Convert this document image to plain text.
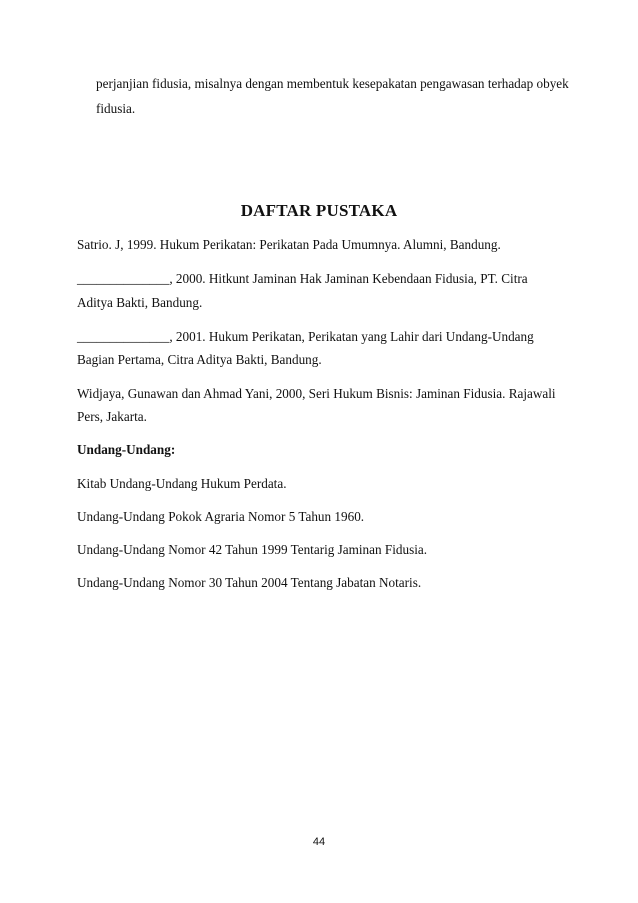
perjanjian fidusia, misalnya dengan membentuk kesepakatan pengawasan terhadap obyek
fidusia.
DAFTAR PUSTAKA
Satrio. J, 1999. Hukum Perikatan: Perikatan Pada Umumnya. Alumni, Bandung.
______________, 2000. Hitkunt Jaminan Hak Jaminan Kebendaan Fidusia, PT. Citra
Aditya Bakti, Bandung.
______________, 2001. Hukum Perikatan, Perikatan yang Lahir dari Undang-Undang
Bagian Pertama, Citra Aditya Bakti, Bandung.
Widjaya, Gunawan dan Ahmad Yani, 2000, Seri Hukum Bisnis: Jaminan Fidusia. Rajawali
Pers, Jakarta.
Undang-Undang:
Kitab Undang-Undang Hukum Perdata.
Undang-Undang Pokok Agraria Nomor 5 Tahun 1960.
Undang-Undang Nomor 42 Tahun 1999 Tentarig Jaminan Fidusia.
Undang-Undang Nomor 30 Tahun 2004 Tentang Jabatan Notaris.
44
